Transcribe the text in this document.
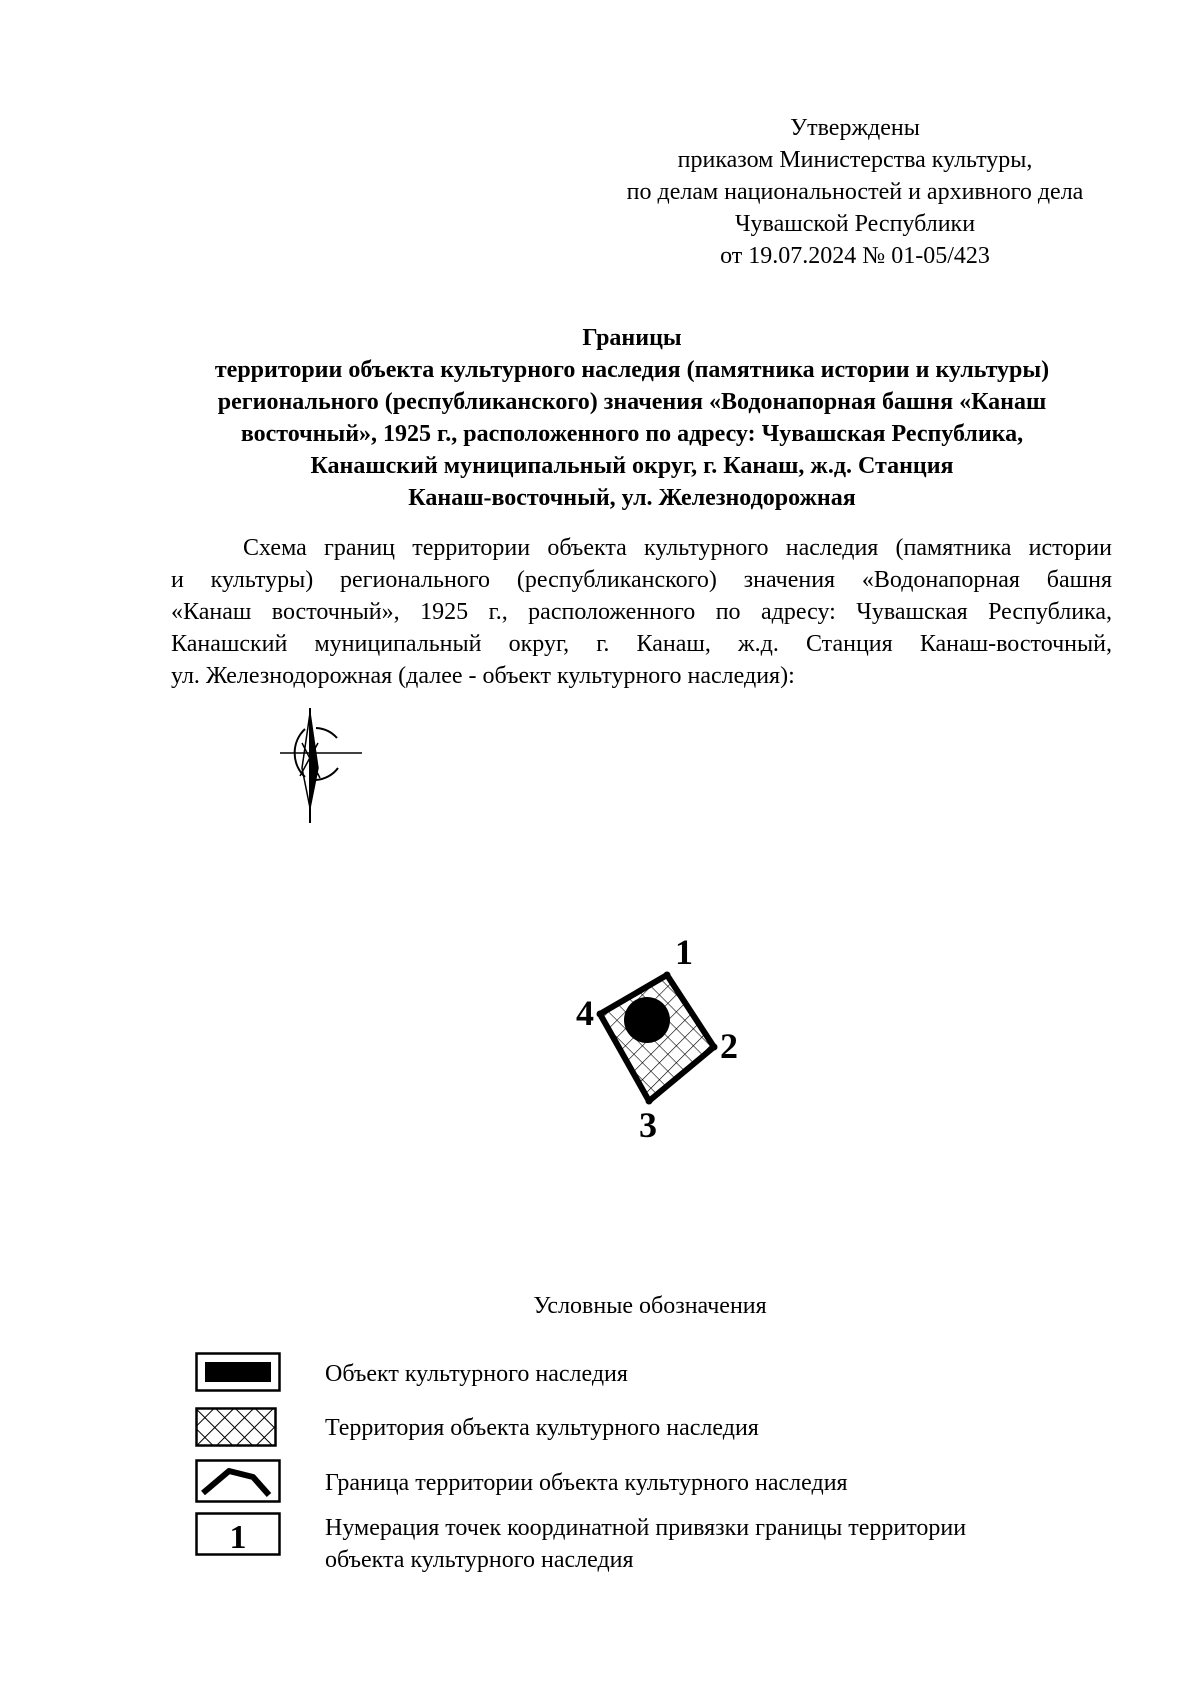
Утверждены
приказом Министерства культуры,
по делам национальностей и архивного дела
Чувашской Республики
от 19.07.2024 № 01-05/423
Границы
территории объекта культурного наследия (памятника истории и культуры)
регионального (республиканского) значения «Водонапорная башня «Канаш
восточный», 1925 г., расположенного по адресу: Чувашская Республика,
Канашский муниципальный округ, г. Канаш, ж.д. Станция
Канаш-восточный, ул. Железнодорожная
Схема границ территории объекта культурного наследия (памятника истории
и культуры) регионального (республиканского) значения «Водонапорная башня
«Канаш восточный», 1925 г., расположенного по адресу: Чувашская Республика,
Канашский муниципальный округ, г. Канаш, ж.д. Станция Канаш-восточный,
ул. Железнодорожная (далее - объект культурного наследия):
1
2
3
4
Условные обозначения
Объект культурного наследия
Территория объекта культурного наследия
Граница территории объекта культурного наследия
1	Нумерация точек координатной привязки границы территории объекта культурного наследия
